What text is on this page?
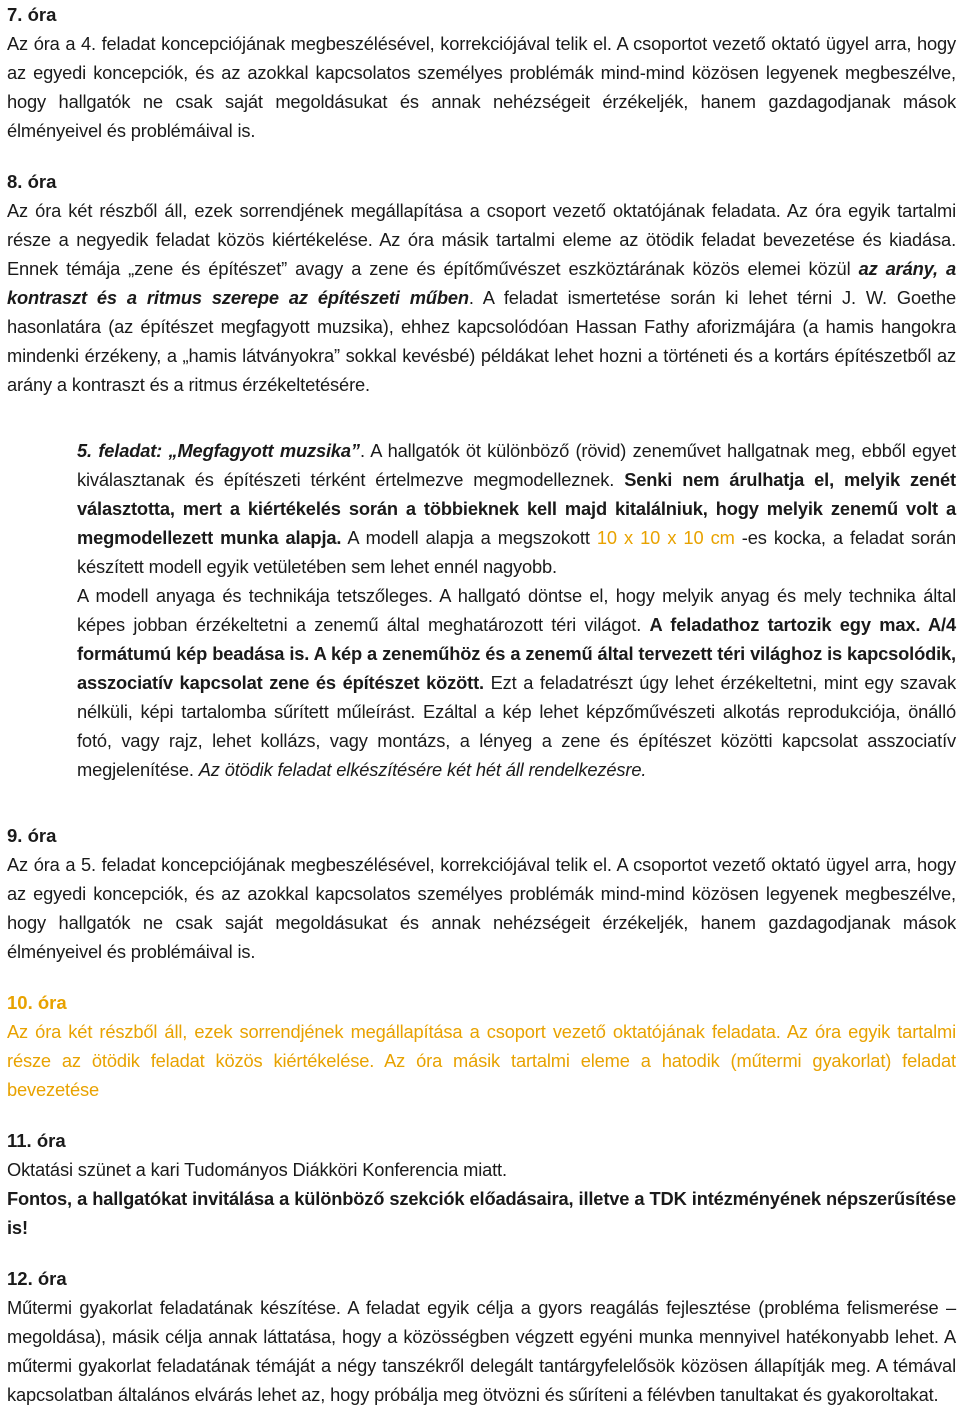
7. óra

Az óra a 4. feladat koncepciójának megbeszélésével, korrekciójával telik el. A csoportot vezető oktató ügyel arra, hogy az egyedi koncepciók, és az azokkal kapcsolatos személyes problémák mind-mind közösen legyenek megbeszélve, hogy hallgatók ne csak saját megoldásukat és annak nehézségeit érzékeljék, hanem gazdagodjanak mások élményeivel és problémáival is.

8. óra

Az óra két részből áll, ezek sorrendjének megállapítása a csoport vezető oktatójának feladata. Az óra egyik tartalmi része a negyedik feladat közös kiértékelése. Az óra másik tartalmi eleme az ötödik feladat bevezetése és kiadása. Ennek témája „zene és építészet” avagy a zene és építőművészet eszköztárának közös elemei közül az arány, a kontraszt és a ritmus szerepe az építészeti műben. A feladat ismertetése során ki lehet térni J. W. Goethe hasonlatára (az építészet megfagyott muzsika), ehhez kapcsolódóan Hassan Fathy aforizmájára (a hamis hangokra mindenki érzékeny, a „hamis látványokra” sokkal kevésbé) példákat lehet hozni a történeti és a kortárs építészetből az arány a kontraszt és a ritmus érzékeltetésére.

5. feladat: „Megfagyott muzsika”. A hallgatók öt különböző (rövid) zeneművet hallgatnak meg, ebből egyet kiválasztanak és építészeti térként értelmezve megmodelleznek. Senki nem árulhatja el, melyik zenét választotta, mert a kiértékelés során a többieknek kell majd kitalálniuk, hogy melyik zenemű volt a megmodellezett munka alapja. A modell alapja a megszokott 10 x 10 x 10 cm -es kocka, a feladat során készített modell egyik vetületében sem lehet ennél nagyobb.

A modell anyaga és technikája tetszőleges. A hallgató döntse el, hogy melyik anyag és mely technika által képes jobban érzékeltetni a zenemű által meghatározott téri világot. A feladathoz tartozik egy max. A/4 formátumú kép beadása is. A kép a zeneműhöz és a zenemű által tervezett téri világhoz is kapcsolódik, asszociatív kapcsolat zene és építészet között. Ezt a feladatrészt úgy lehet érzékeltetni, mint egy szavak nélküli, képi tartalomba sűrített műleírást. Ezáltal a kép lehet képzőművészeti alkotás reprodukciója, önálló fotó, vagy rajz, lehet kollázs, vagy montázs, a lényeg a zene és építészet közötti kapcsolat asszociatív megjelenítése. Az ötödik feladat elkészítésére két hét áll rendelkezésre.

9. óra

Az óra a 5. feladat koncepciójának megbeszélésével, korrekciójával telik el. A csoportot vezető oktató ügyel arra, hogy az egyedi koncepciók, és az azokkal kapcsolatos személyes problémák mind-mind közösen legyenek megbeszélve, hogy hallgatók ne csak saját megoldásukat és annak nehézségeit érzékeljék, hanem gazdagodjanak mások élményeivel és problémáival is.

10. óra

Az óra két részből áll, ezek sorrendjének megállapítása a csoport vezető oktatójának feladata. Az óra egyik tartalmi része az ötödik feladat közös kiértékelése. Az óra másik tartalmi eleme a hatodik (műtermi gyakorlat) feladat bevezetése

11. óra

Oktatási szünet a kari Tudományos Diákköri Konferencia miatt.

Fontos, a hallgatókat invitálása a különböző szekciók előadásaira, illetve a TDK intézményének népszerűsítése is!

12. óra

Műtermi gyakorlat feladatának készítése. A feladat egyik célja a gyors reagálás fejlesztése (probléma felismerése – megoldása), másik célja annak láttatása, hogy a közösségben végzett egyéni munka mennyivel hatékonyabb lehet. A műtermi gyakorlat feladatának témáját a négy tanszékről delegált tantárgyfelelősök közösen állapítják meg. A témával kapcsolatban általános elvárás lehet az, hogy próbálja meg ötvözni és sűríteni a félévben tanultakat és gyakoroltakat.
